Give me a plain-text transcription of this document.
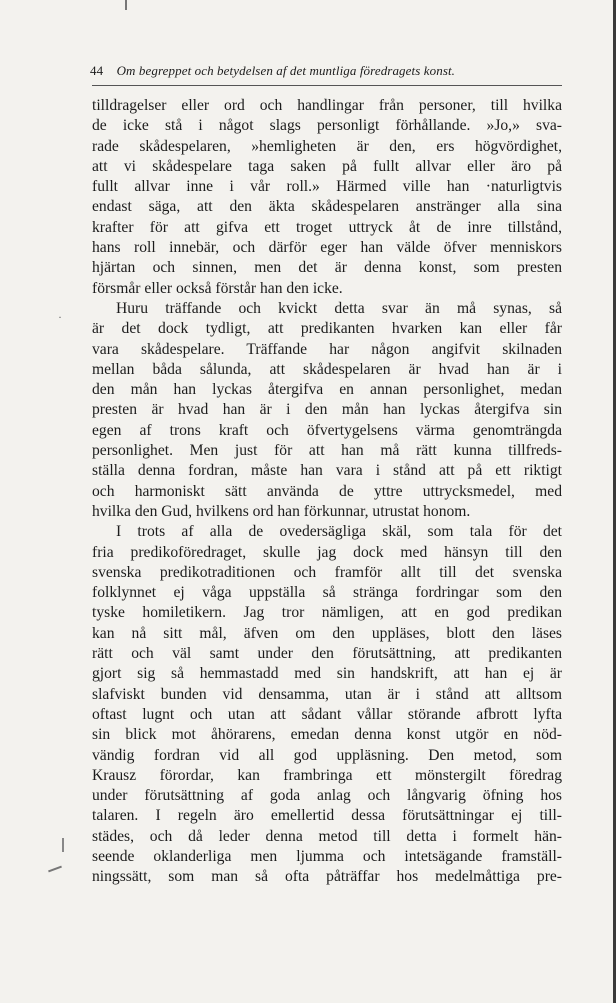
44 Om begreppet och betydelsen af det muntliga föredragets konst.
tilldragelser eller ord och handlingar från personer, till hvilka
de icke stå i något slags personligt förhållande. »Jo,» sva-
rade skådespelaren, »hemligheten är den, ers högvördighet,
att vi skådespelare taga saken på fullt allvar eller äro på
fullt allvar inne i vår roll.» Härmed ville han ·naturligtvis
endast säga, att den äkta skådespelaren anstränger alla sina
krafter för att gifva ett troget uttryck åt de inre tillstånd,
hans roll innebär, och därför eger han välde öfver menniskors
hjärtan och sinnen, men det är denna konst, som presten
försmår eller också förstår han den icke.
Huru träffande och kvickt detta svar än må synas, så
är det dock tydligt, att predikanten hvarken kan eller får
vara skådespelare. Träffande har någon angifvit skilnaden
mellan båda sålunda, att skådespelaren är hvad han är i
den mån han lyckas återgifva en annan personlighet, medan
presten är hvad han är i den mån han lyckas återgifva sin
egen af trons kraft och öfvertygelsens värma genomträngda
personlighet. Men just för att han må rätt kunna tillfreds-
ställa denna fordran, måste han vara i stånd att på ett riktigt
och harmoniskt sätt använda de yttre uttrycksmedel, med
hvilka den Gud, hvilkens ord han förkunnar, utrustat honom.
I trots af alla de ovedersägliga skäl, som tala för det
fria predikoföredraget, skulle jag dock med hänsyn till den
svenska predikotraditionen och framför allt till det svenska
folklynnet ej våga uppställa så stränga fordringar som den
tyske homiletikern. Jag tror nämligen, att en god predikan
kan nå sitt mål, äfven om den uppläses, blott den läses
rätt och väl samt under den förutsättning, att predikanten
gjort sig så hemmastadd med sin handskrift, att han ej är
slafviskt bunden vid densamma, utan är i stånd att alltsom
oftast lugnt och utan att sådant vållar störande afbrott lyfta
sin blick mot åhörarens, emedan denna konst utgör en nöd-
vändig fordran vid all god uppläsning. Den metod, som
Krausz förordar, kan frambringa ett mönstergilt föredrag
under förutsättning af goda anlag och långvarig öfning hos
talaren. I regeln äro emellertid dessa förutsättningar ej till-
städes, och då leder denna metod till detta i formelt hän-
seende oklanderliga men ljumma och intetsägande framställ-
ningssätt, som man så ofta påträffar hos medelmåttiga pre-
·
